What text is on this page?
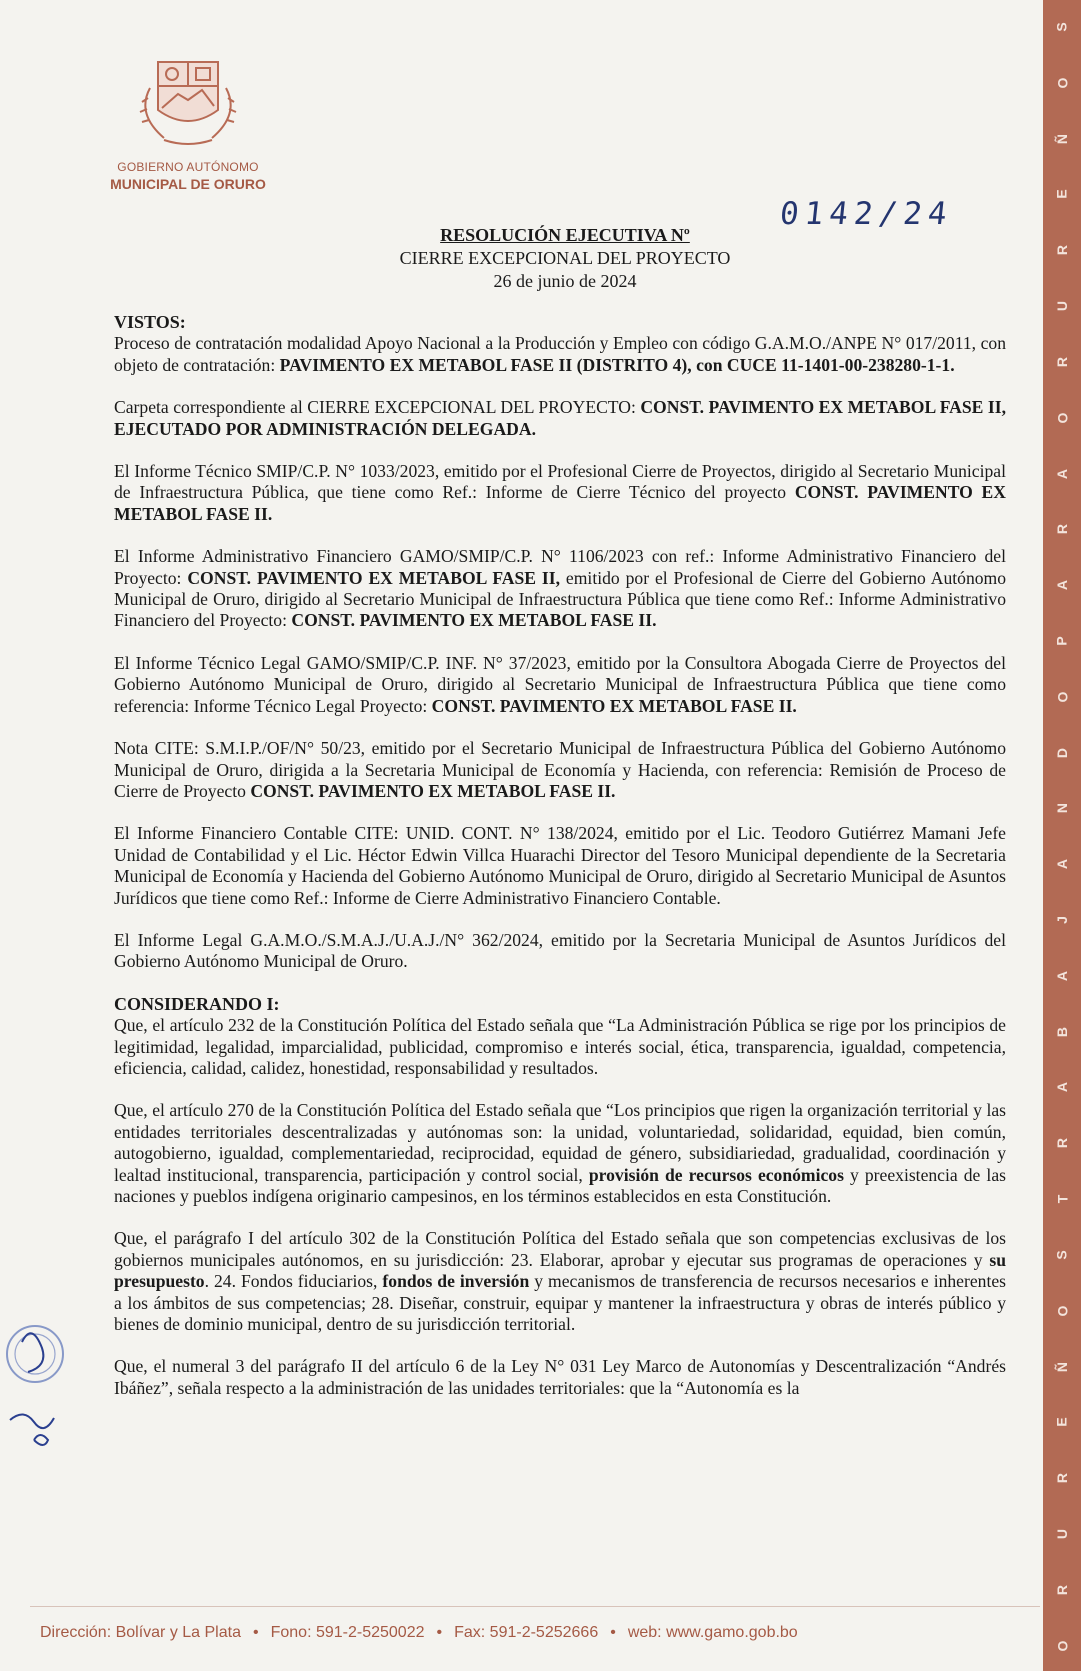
GOBIERNO AUTÓNOMO
MUNICIPAL DE ORURO
0142/24
RESOLUCIÓN EJECUTIVA Nº
CIERRE EXCEPCIONAL DEL PROYECTO
26 de junio de 2024
VISTOS:

Proceso de contratación modalidad Apoyo Nacional a la Producción y Empleo con código G.A.M.O./ANPE N° 017/2011, con objeto de contratación: PAVIMENTO EX METABOL FASE II (DISTRITO 4), con CUCE 11-1401-00-238280-1-1.

Carpeta correspondiente al CIERRE EXCEPCIONAL DEL PROYECTO: CONST. PAVIMENTO EX METABOL FASE II, EJECUTADO POR ADMINISTRACIÓN DELEGADA.

El Informe Técnico SMIP/C.P. N° 1033/2023, emitido por el Profesional Cierre de Proyectos, dirigido al Secretario Municipal de Infraestructura Pública, que tiene como Ref.: Informe de Cierre Técnico del proyecto CONST. PAVIMENTO EX METABOL FASE II.

El Informe Administrativo Financiero GAMO/SMIP/C.P. N° 1106/2023 con ref.: Informe Administrativo Financiero del Proyecto: CONST. PAVIMENTO EX METABOL FASE II, emitido por el Profesional de Cierre del Gobierno Autónomo Municipal de Oruro, dirigido al Secretario Municipal de Infraestructura Pública que tiene como Ref.: Informe Administrativo Financiero del Proyecto: CONST. PAVIMENTO EX METABOL FASE II.

El Informe Técnico Legal GAMO/SMIP/C.P. INF. N° 37/2023, emitido por la Consultora Abogada Cierre de Proyectos del Gobierno Autónomo Municipal de Oruro, dirigido al Secretario Municipal de Infraestructura Pública que tiene como referencia: Informe Técnico Legal Proyecto: CONST. PAVIMENTO EX METABOL FASE II.

Nota CITE: S.M.I.P./OF/N° 50/23, emitido por el Secretario Municipal de Infraestructura Pública del Gobierno Autónomo Municipal de Oruro, dirigida a la Secretaria Municipal de Economía y Hacienda, con referencia: Remisión de Proceso de Cierre de Proyecto CONST. PAVIMENTO EX METABOL FASE II.

El Informe Financiero Contable CITE: UNID. CONT. N° 138/2024, emitido por el Lic. Teodoro Gutiérrez Mamani Jefe Unidad de Contabilidad y el Lic. Héctor Edwin Villca Huarachi Director del Tesoro Municipal dependiente de la Secretaria Municipal de Economía y Hacienda del Gobierno Autónomo Municipal de Oruro, dirigido al Secretario Municipal de Asuntos Jurídicos que tiene como Ref.: Informe de Cierre Administrativo Financiero Contable.

El Informe Legal G.A.M.O./S.M.A.J./U.A.J./N° 362/2024, emitido por la Secretaria Municipal de Asuntos Jurídicos del Gobierno Autónomo Municipal de Oruro.

CONSIDERANDO I:

Que, el artículo 232 de la Constitución Política del Estado señala que “La Administración Pública se rige por los principios de legitimidad, legalidad, imparcialidad, publicidad, compromiso e interés social, ética, transparencia, igualdad, competencia, eficiencia, calidad, calidez, honestidad, responsabilidad y resultados.

Que, el artículo 270 de la Constitución Política del Estado señala que “Los principios que rigen la organización territorial y las entidades territoriales descentralizadas y autónomas son: la unidad, voluntariedad, solidaridad, equidad, bien común, autogobierno, igualdad, complementariedad, reciprocidad, equidad de género, subsidiariedad, gradualidad, coordinación y lealtad institucional, transparencia, participación y control social, provisión de recursos económicos y preexistencia de las naciones y pueblos indígena originario campesinos, en los términos establecidos en esta Constitución.

Que, el parágrafo I del artículo 302 de la Constitución Política del Estado señala que son competencias exclusivas de los gobiernos municipales autónomos, en su jurisdicción: 23. Elaborar, aprobar y ejecutar sus programas de operaciones y su presupuesto. 24. Fondos fiduciarios, fondos de inversión y mecanismos de transferencia de recursos necesarios e inherentes a los ámbitos de sus competencias; 28. Diseñar, construir, equipar y mantener la infraestructura y obras de interés público y bienes de dominio municipal, dentro de su jurisdicción territorial.

Que, el numeral 3 del parágrafo II del artículo 6 de la Ley N° 031 Ley Marco de Autonomías y Descentralización “Andrés Ibáñez”, señala respecto a la administración de las unidades territoriales: que la “Autonomía es la

S
O
Ñ
E
R
U
R
O
A
R
A
P
O
D
N
A
J
A
B
A
R
T
S
O
Ñ
E
R
U
R
O
Dirección: Bolívar y La Plata • Fono: 591-2-5250022 • Fax: 591-2-5252666 • web: www.gamo.gob.bo
